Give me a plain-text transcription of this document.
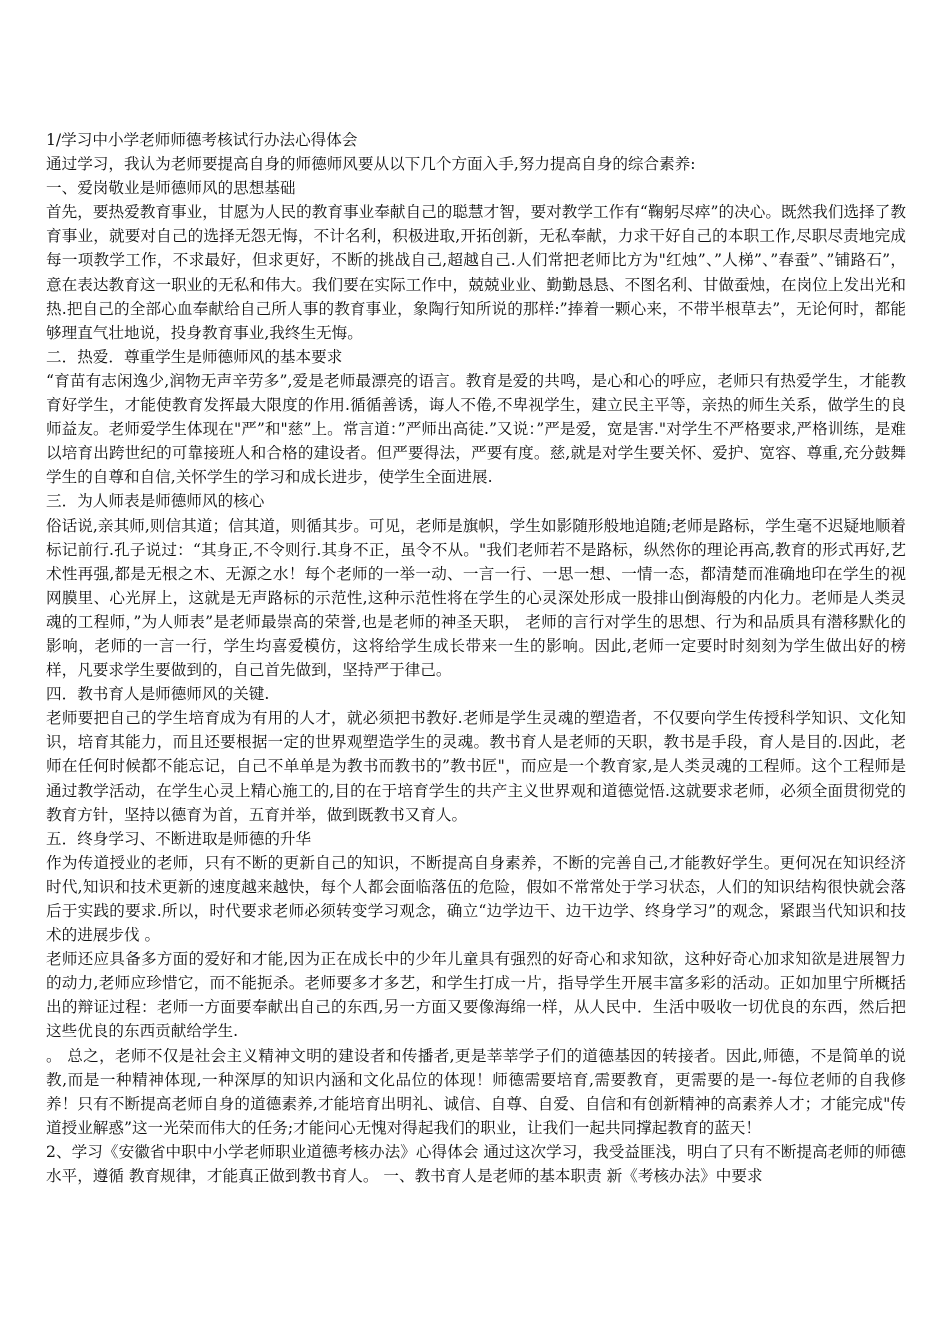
1/学习中小学老师师德考核试行办法心得体会

通过学习，我认为老师要提高自身的师德师风要从以下几个方面入手,努力提高自身的综合素养:

一、爱岗敬业是师德师风的思想基础

首先，要热爱教育事业，甘愿为人民的教育事业奉献自己的聪慧才智，要对教学工作有“鞠躬尽瘁”的决心。既然我们选择了教育事业，就要对自己的选择无怨无悔，不计名利，积极进取,开拓创新，无私奉献，力求干好自己的本职工作,尽职尽责地完成每一项教学工作，不求最好，但求更好，不断的挑战自己,超越自己.人们常把老师比方为"红烛”、”人梯”、”春蚕”、”铺路石”，意在表达教育这一职业的无私和伟大。我们要在实际工作中，兢兢业业、勤勤恳恳、不图名利、甘做蚕烛，在岗位上发出光和热.把自己的全部心血奉献给自己所人事的教育事业，象陶行知所说的那样:”捧着一颗心来，不带半根草去”，无论何时，都能够理直气壮地说，投身教育事业,我终生无悔。

二．热爱．尊重学生是师德师风的基本要求

“育苗有志闲逸少,润物无声辛劳多”,爱是老师最漂亮的语言。教育是爱的共鸣，是心和心的呼应，老师只有热爱学生，才能教育好学生，才能使教育发挥最大限度的作用.循循善诱，诲人不倦,不卑视学生，建立民主平等，亲热的师生关系，做学生的良师益友。老师爱学生体现在"严”和"慈”上。常言道：”严师出高徒.”又说：”严是爱，宽是害."对学生不严格要求,严格训练，是难以培育出跨世纪的可靠接班人和合格的建设者。但严要得法，严要有度。慈,就是对学生要关怀、爱护、宽容、尊重,充分鼓舞学生的自尊和自信,关怀学生的学习和成长进步，使学生全面进展.

三．为人师表是师德师风的核心

俗话说,亲其师,则信其道；信其道，则循其步。可见，老师是旗帜，学生如影随形般地追随;老师是路标，学生毫不迟疑地顺着标记前行.孔子说过：“其身正,不令则行.其身不正，虽令不从。"我们老师若不是路标，纵然你的理论再高,教育的形式再好,艺术性再强,都是无根之木、无源之水！每个老师的一举一动、一言一行、一思一想、一情一态，都清楚而准确地印在学生的视网膜里、心光屏上，这就是无声路标的示范性,这种示范性将在学生的心灵深处形成一股排山倒海般的内化力。老师是人类灵魂的工程师，”为人师表”是老师最崇高的荣誉,也是老师的神圣天职， 老师的言行对学生的思想、行为和品质具有潜移默化的影响，老师的一言一行，学生均喜爱模仿，这将给学生成长带来一生的影响。因此,老师一定要时时刻刻为学生做出好的榜样，凡要求学生要做到的，自己首先做到，坚持严于律己。

四．教书育人是师德师风的关键.

老师要把自己的学生培育成为有用的人才，就必须把书教好.老师是学生灵魂的塑造者，不仅要向学生传授科学知识、文化知识，培育其能力，而且还要根据一定的世界观塑造学生的灵魂。教书育人是老师的天职，教书是手段，育人是目的.因此，老师在任何时候都不能忘记，自己不单单是为教书而教书的”教书匠"，而应是一个教育家,是人类灵魂的工程师。这个工程师是通过教学活动，在学生心灵上精心施工的,目的在于培育学生的共产主义世界观和道德觉悟.这就要求老师，必须全面贯彻党的教育方针，坚持以德育为首，五育并举，做到既教书又育人。

五．终身学习、不断进取是师德的升华

作为传道授业的老师，只有不断的更新自己的知识，不断提高自身素养，不断的完善自己,才能教好学生。更何况在知识经济时代,知识和技术更新的速度越来越快，每个人都会面临落伍的危险，假如不常常处于学习状态，人们的知识结构很快就会落后于实践的要求.所以，时代要求老师必须转变学习观念，确立“边学边干、边干边学、终身学习”的观念，紧跟当代知识和技术的进展步伐 。

老师还应具备多方面的爱好和才能,因为正在成长中的少年儿童具有强烈的好奇心和求知欲，这种好奇心加求知欲是进展智力的动力,老师应珍惜它，而不能扼杀。老师要多才多艺，和学生打成一片，指导学生开展丰富多彩的活动。正如加里宁所概括出的辩证过程：老师一方面要奉献出自己的东西,另一方面又要像海绵一样，从人民中．生活中吸收一切优良的东西，然后把这些优良的东西贡献给学生.

。 总之，老师不仅是社会主义精神文明的建设者和传播者,更是莘莘学子们的道德基因的转接者。因此,师德，不是简单的说教,而是一种精神体现,一种深厚的知识内涵和文化品位的体现！师德需要培育,需要教育，更需要的是一-每位老师的自我修养！只有不断提高老师自身的道德素养,才能培育出明礼、诚信、自尊、自爱、自信和有创新精神的高素养人才；才能完成"传道授业解惑”这一光荣而伟大的任务;才能问心无愧对得起我们的职业，让我们一起共同撑起教育的蓝天！

2、学习《安徽省中职中小学老师职业道德考核办法》心得体会 通过这次学习，我受益匪浅，明白了只有不断提高老师的师德水平，遵循 教育规律，才能真正做到教书育人。 一、教书育人是老师的基本职责 新《考核办法》中要求
